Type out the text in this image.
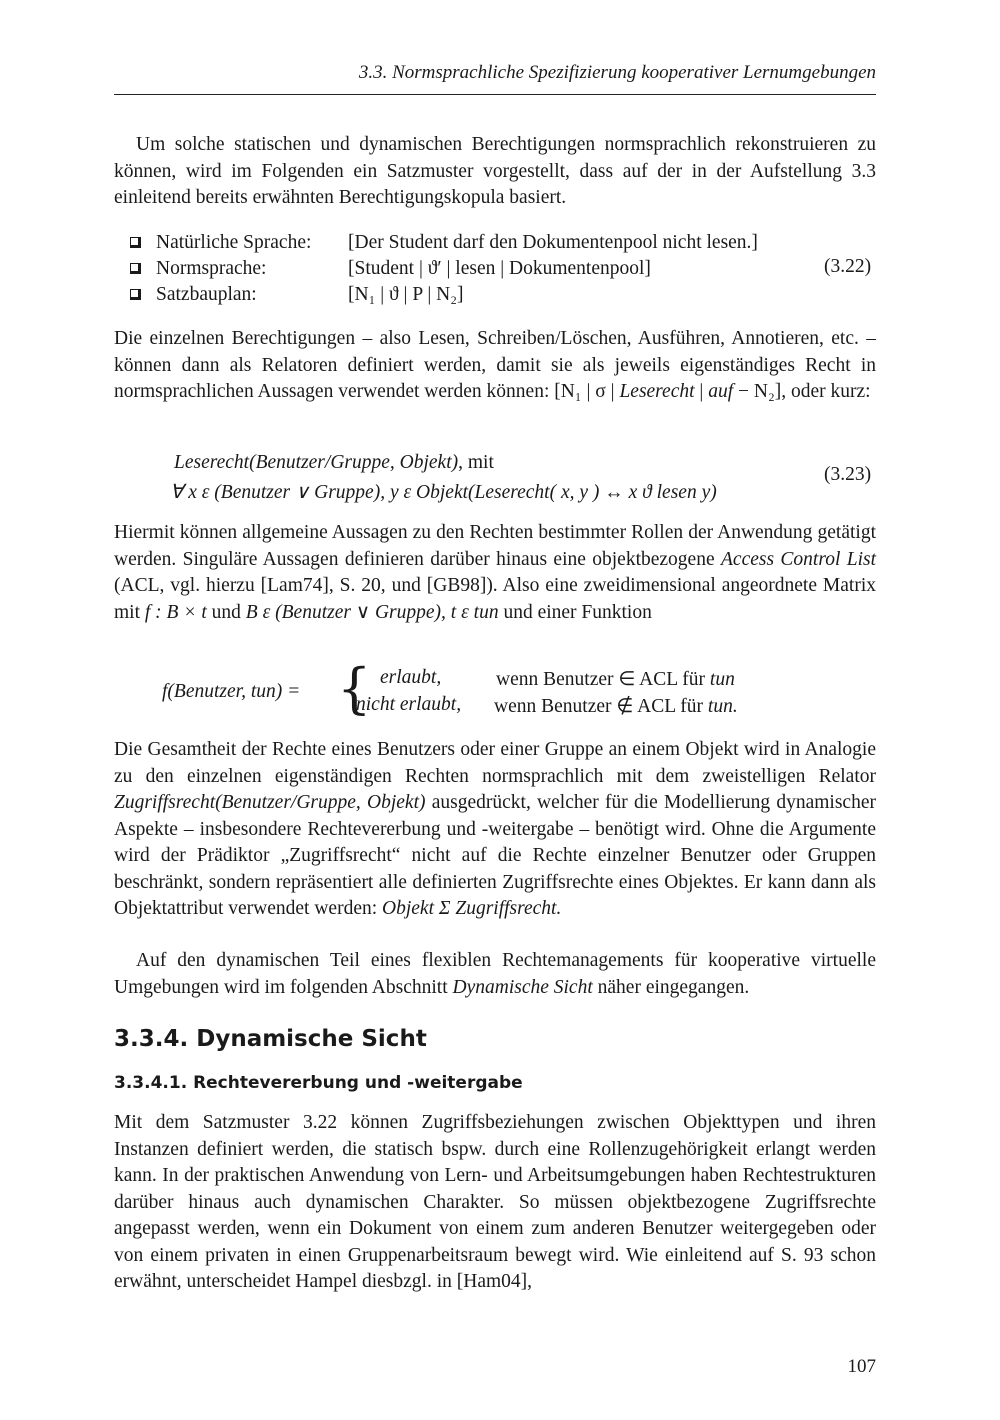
3.3. Normsprachliche Spezifizierung kooperativer Lernumgebungen

Um solche statischen und dynamischen Berechtigungen normsprachlich rekonstruieren zu können, wird im Folgenden ein Satzmuster vorgestellt, dass auf der in der Aufstellung 3.3 einleitend bereits erwähnten Berechtigungskopula basiert.

Natürliche Sprache: [Der Student darf den Dokumentenpool nicht lesen.]
Normsprache:	[Student | ϑ′ | lesen | Dokumentenpool]
Satzbauplan:	[N₁ | ϑ | P | N₂]
(3.22)

Die einzelnen Berechtigungen – also Lesen, Schreiben/Löschen, Ausführen, Annotieren, etc. – können dann als Relatoren definiert werden, damit sie als jeweils eigenständiges Recht in normsprachlichen Aussagen verwendet werden können: [N₁ | σ | Leserecht | auf − N₂], oder kurz:

Leserecht(Benutzer/Gruppe, Objekt), mit
∀ x ε (Benutzer ∨ Gruppe), y ε Objekt(Leserecht( x, y ) ↔ x ϑ lesen y)
(3.23)

Hiermit können allgemeine Aussagen zu den Rechten bestimmter Rollen der Anwendung getätigt werden. Singuläre Aussagen definieren darüber hinaus eine objektbezogene Access Control List (ACL, vgl. hierzu [Lam74], S. 20, und [GB98]). Also eine zweidimensional angeordnete Matrix mit f : B × t und B ε (Benutzer ∨ Gruppe), t ε tun und einer Funktion

f(Benutzer, tun) = { erlaubt,
nicht erlaubt,
wenn Benutzer ∈ ACL für tun
wenn Benutzer ∉ ACL für tun.

Die Gesamtheit der Rechte eines Benutzers oder einer Gruppe an einem Objekt wird in Analogie zu den einzelnen eigenständigen Rechten normsprachlich mit dem zweistelligen Relator Zugriffsrecht(Benutzer/Gruppe, Objekt) ausgedrückt, welcher für die Modellierung dynamischer Aspekte – insbesondere Rechtevererbung und -weitergabe – benötigt wird. Ohne die Argumente wird der Prädiktor „Zugriffsrecht“ nicht auf die Rechte einzelner Benutzer oder Gruppen beschränkt, sondern repräsentiert alle definierten Zugriffsrechte eines Objektes. Er kann dann als Objektattribut verwendet werden: Objekt Σ Zugriffsrecht.

Auf den dynamischen Teil eines flexiblen Rechtemanagements für kooperative virtuelle Umgebungen wird im folgenden Abschnitt Dynamische Sicht näher eingegangen.

3.3.4. Dynamische Sicht
3.3.4.1. Rechtevererbung und -weitergabe

Mit dem Satzmuster 3.22 können Zugriffsbeziehungen zwischen Objekttypen und ihren Instanzen definiert werden, die statisch bspw. durch eine Rollenzugehörigkeit erlangt werden kann. In der praktischen Anwendung von Lern- und Arbeitsumgebungen haben Rechtestrukturen darüber hinaus auch dynamischen Charakter. So müssen objektbezogene Zugriffsrechte angepasst werden, wenn ein Dokument von einem zum anderen Benutzer weitergegeben oder von einem privaten in einen Gruppenarbeitsraum bewegt wird. Wie einleitend auf S. 93 schon erwähnt, unterscheidet Hampel diesbzgl. in [Ham04],

107
